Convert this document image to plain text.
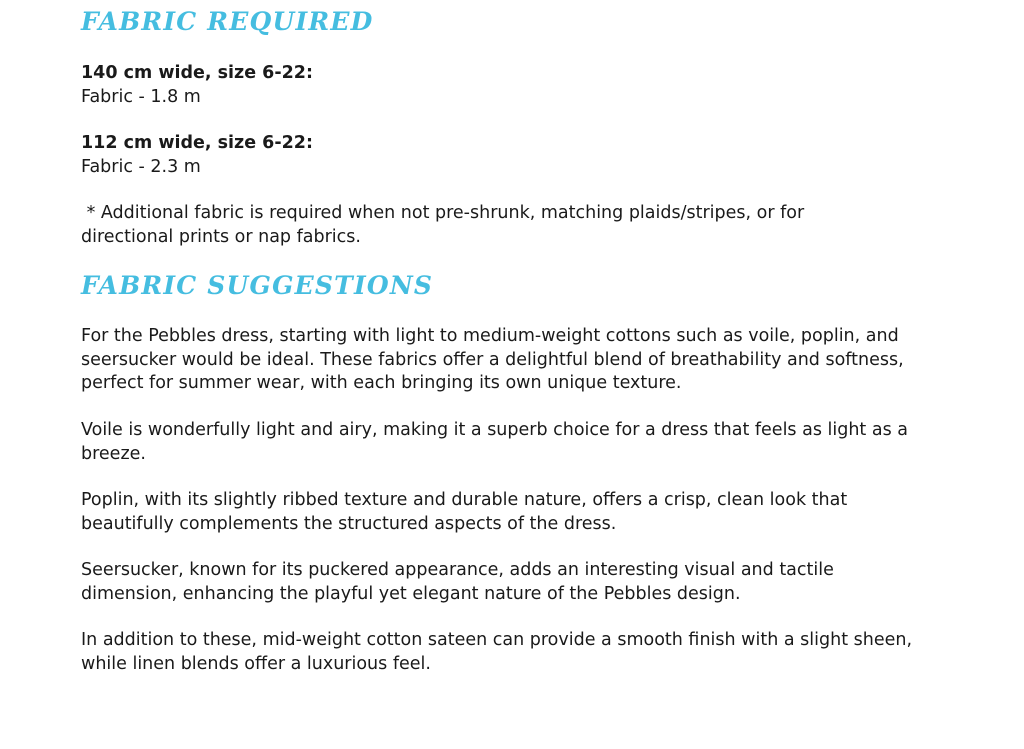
FABRIC REQUIRED

140 cm wide, size 6-22:

Fabric - 1.8 m

112 cm wide, size 6-22:

Fabric - 2.3 m

* Additional fabric is required when not pre-shrunk, matching plaids/stripes, or for

directional prints or nap fabrics.

FABRIC SUGGESTIONS

For the Pebbles dress, starting with light to medium-weight cottons such as voile, poplin, and

seersucker would be ideal. These fabrics offer a delightful blend of breathability and softness,

perfect for summer wear, with each bringing its own unique texture.

Voile is wonderfully light and airy, making it a superb choice for a dress that feels as light as a

breeze.

Poplin, with its slightly ribbed texture and durable nature, offers a crisp, clean look that

beautifully complements the structured aspects of the dress.

Seersucker, known for its puckered appearance, adds an interesting visual and tactile

dimension, enhancing the playful yet elegant nature of the Pebbles design.

In addition to these, mid-weight cotton sateen can provide a smooth finish with a slight sheen,

while linen blends offer a luxurious feel.
